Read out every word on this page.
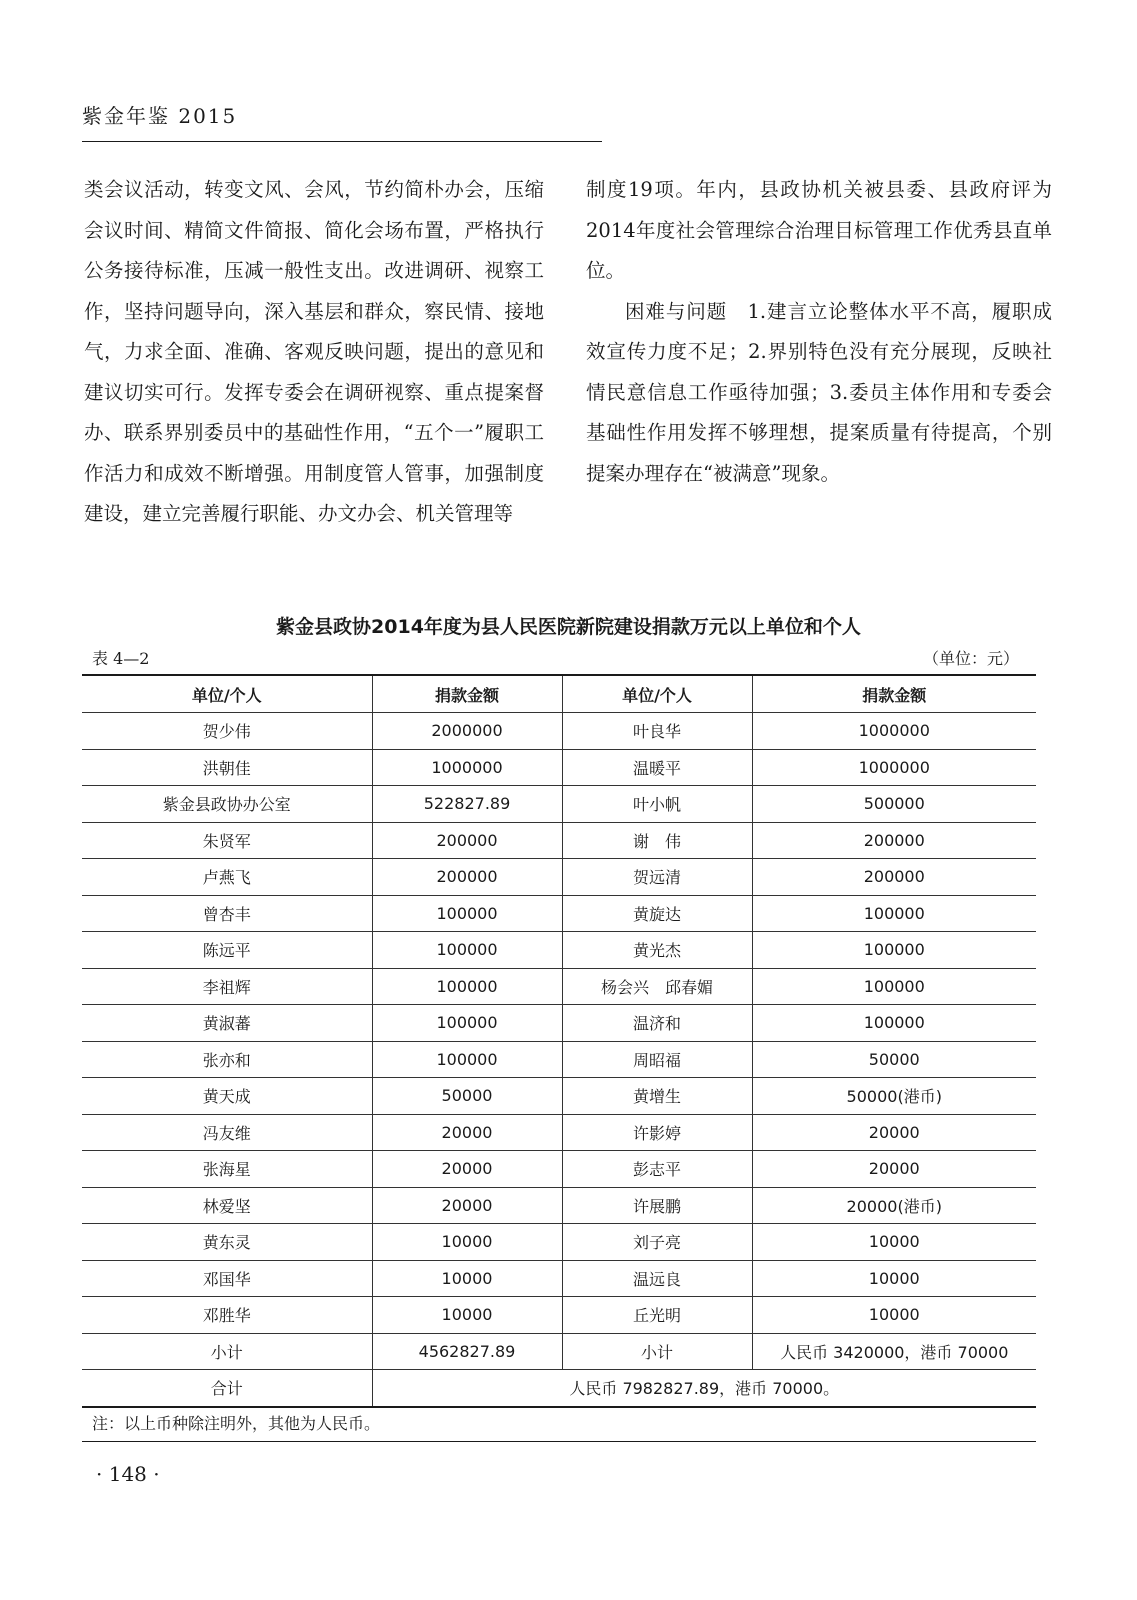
紫金年鉴 2015

类会议活动，转变文风、会风，节约简朴办会，压缩会议时间、精简文件简报、简化会场布置，严格执行公务接待标准，压减一般性支出。改进调研、视察工作，坚持问题导向，深入基层和群众，察民情、接地气，力求全面、准确、客观反映问题，提出的意见和建议切实可行。发挥专委会在调研视察、重点提案督办、联系界别委员中的基础性作用，“五个一”履职工作活力和成效不断增强。用制度管人管事，加强制度建设，建立完善履行职能、办文办会、机关管理等

制度19项。年内，县政协机关被县委、县政府评为2014年度社会管理综合治理目标管理工作优秀县直单位。

困难与问题　 1.建言立论整体水平不高，履职成效宣传力度不足；2.界别特色没有充分展现，反映社情民意信息工作亟待加强；3.委员主体作用和专委会基础性作用发挥不够理想，提案质量有待提高，个别提案办理存在“被满意”现象。

紫金县政协2014年度为县人民医院新院建设捐款万元以上单位和个人
表 4—2	（单位：元）
单位/个人	捐款金额	单位/个人	捐款金额
贺少伟	2000000	叶良华	1000000
洪朝佳	1000000	温暖平	1000000
紫金县政协办公室	522827.89	叶小帆	500000
朱贤军	200000	谢　伟	200000
卢燕飞	200000	贺远清	200000
曾杏丰	100000	黄旋达	100000
陈远平	100000	黄光杰	100000
李祖辉	100000	杨会兴　邱春媚	100000
黄淑蕃	100000	温济和	100000
张亦和	100000	周昭福	50000
黄天成	50000	黄增生	50000(港币)
冯友维	20000	许影婷	20000
张海星	20000	彭志平	20000
林爱坚	20000	许展鹏	20000(港币)
黄东灵	10000	刘子亮	10000
邓国华	10000	温远良	10000
邓胜华	10000	丘光明	10000
小计	4562827.89	小计	人民币 3420000，港币 70000
合计	人民币 7982827.89，港币 70000。		
注：以上币种除注明外，其他为人民币。
· 148 ·
